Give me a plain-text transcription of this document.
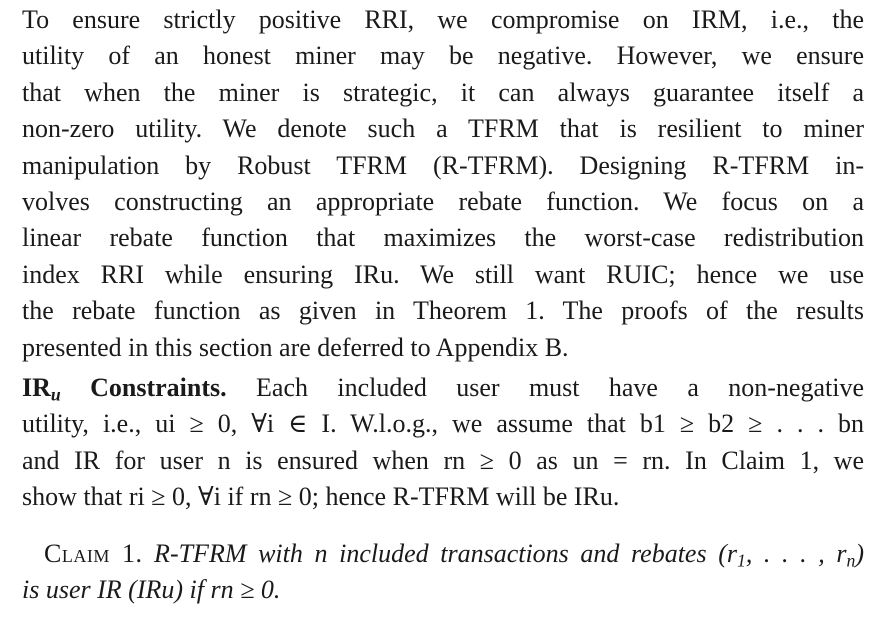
To ensure strictly positive RRI, we compromise on IRM, i.e., the
utility of an honest miner may be negative. However, we ensure
that when the miner is strategic, it can always guarantee itself a
non-zero utility. We denote such a TFRM that is resilient to miner
manipulation by Robust TFRM (R-TFRM). Designing R-TFRM in-
volves constructing an appropriate rebate function. We focus on a
linear rebate function that maximizes the worst-case redistribution
index RRI while ensuring IRu. We still want RUIC; hence we use
the rebate function as given in Theorem 1. The proofs of the results
presented in this section are deferred to Appendix B.

$IR_u$ Constraints. Each included user must have a non-negative
utility, i.e., ui ≥ 0, ∀i ∈ I. W.l.o.g., we assume that b1 ≥ b2 ≥ . . . bn
and IR for user n is ensured when rn ≥ 0 as un = rn. In Claim 1, we
show that ri ≥ 0, ∀i if rn ≥ 0; hence R-TFRM will be IRu.

Claim 1. R-TFRM with n included transactions and rebates ($r_1$, . . . , $r_n$)
is user IR (IRu) if rn ≥ 0.
